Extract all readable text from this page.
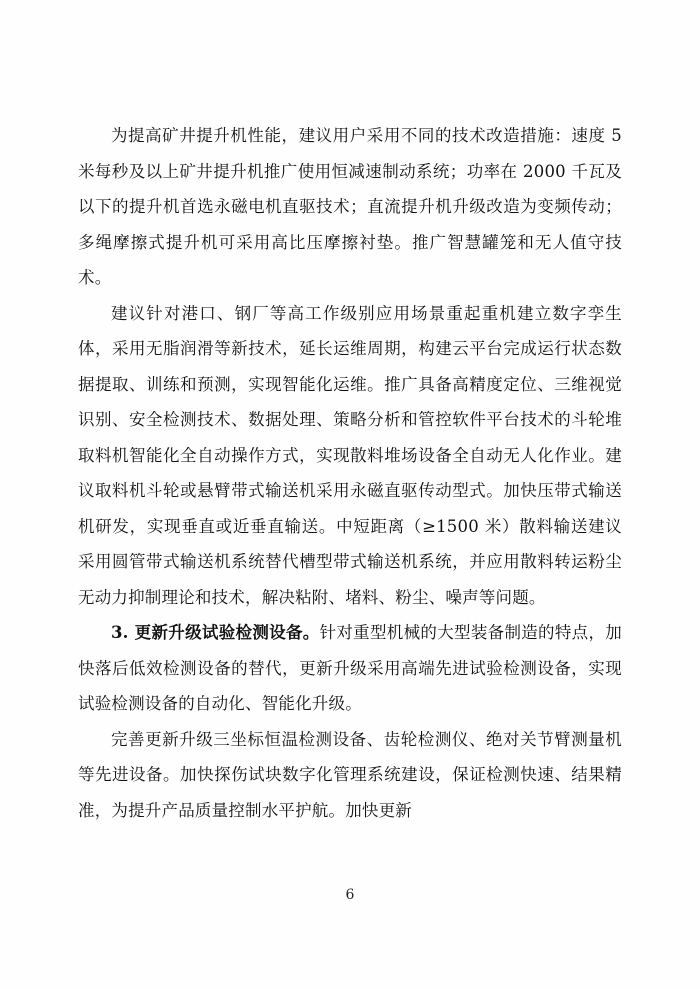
为提高矿井提升机性能，建议用户采用不同的技术改造措施：速度 5 米每秒及以上矿井提升机推广使用恒减速制动系统；功率在 2000 千瓦及以下的提升机首选永磁电机直驱技术；直流提升机升级改造为变频传动；多绳摩擦式提升机可采用高比压摩擦衬垫。推广智慧罐笼和无人值守技术。

建议针对港口、钢厂等高工作级别应用场景重起重机建立数字孪生体，采用无脂润滑等新技术，延长运维周期，构建云平台完成运行状态数据提取、训练和预测，实现智能化运维。推广具备高精度定位、三维视觉识别、安全检测技术、数据处理、策略分析和管控软件平台技术的斗轮堆取料机智能化全自动操作方式，实现散料堆场设备全自动无人化作业。建议取料机斗轮或悬臂带式输送机采用永磁直驱传动型式。加快压带式输送机研发，实现垂直或近垂直输送。中短距离（≥1500 米）散料输送建议采用圆管带式输送机系统替代槽型带式输送机系统，并应用散料转运粉尘无动力抑制理论和技术，解决粘附、堵料、粉尘、噪声等问题。

3. 更新升级试验检测设备。针对重型机械的大型装备制造的特点，加快落后低效检测设备的替代，更新升级采用高端先进试验检测设备，实现试验检测设备的自动化、智能化升级。

完善更新升级三坐标恒温检测设备、齿轮检测仪、绝对关节臂测量机等先进设备。加快探伤试块数字化管理系统建设，保证检测快速、结果精准，为提升产品质量控制水平护航。加快更新

6
